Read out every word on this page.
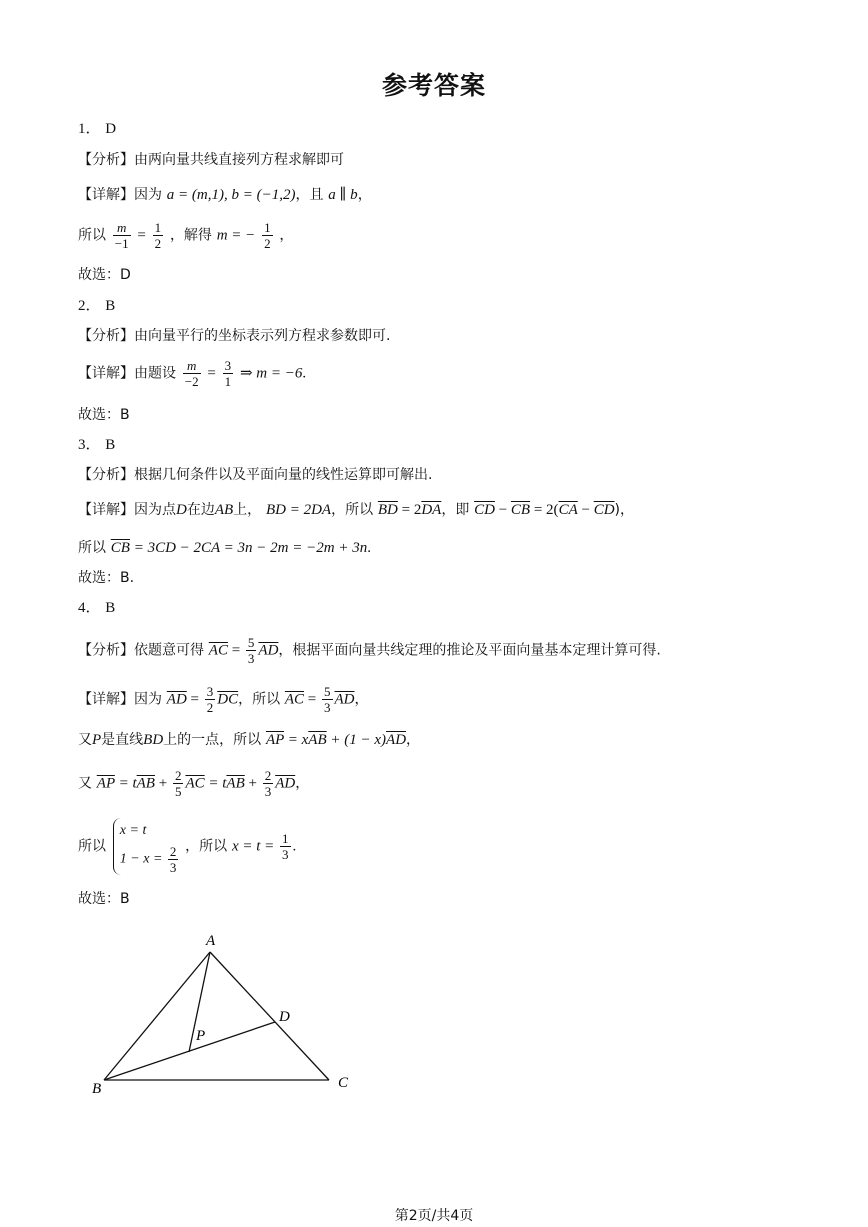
参考答案
1． D
【分析】由两向量共线直接列方程求解即可
【详解】因为 a = (m,1), b = (−1,2)，且 a ∥ b，
所以 $\frac{m}{-1} = \frac{1}{2}$ ，解得 m = − $\frac{1}{2}$ ，
故选：D
2． B
【分析】由向量平行的坐标表示列方程求参数即可.
【详解】由题设 $\frac{m}{-2} = \frac{3}{1}$ ⇒ m = −6.
故选：B
3． B
【分析】根据几何条件以及平面向量的线性运算即可解出.
【详解】因为点D在边AB上， BD = 2DA，所以 $\overline{BD} = 2\overline{DA}$，即 $\overline{CD} - \overline{CB} = 2(\overline{CA} - \overline{CD})$，
所以 $\overline{CB} = 3CD - 2CA = 3n - 2m = -2m + 3n$.
故选：B.
4． B
【分析】依题意可得 $\overline{AC} = \frac{5}{3} \overline{AD}$，根据平面向量共线定理的推论及平面向量基本定理计算可得.
【详解】因为 $\overline{AD} = \frac{3}{2} \overline{DC}$，所以 $\overline{AC} = \frac{5}{3} \overline{AD}$，
又P是直线BD上的一点，所以 $\overline{AP} = x\overline{AB} + (1 - x)\overline{AD}$，
又 $\overline{AP} = t\overline{AB} + \frac{2}{5} \overline{AC} = t\overline{AB} + \frac{2}{3} \overline{AD}$，
所以
x = t
$1 - x = \frac{2}{3}$ ，所以 $x = t = \frac{1}{3}$ .
故选：B
A
B	C
D
P
第2页/共4页
